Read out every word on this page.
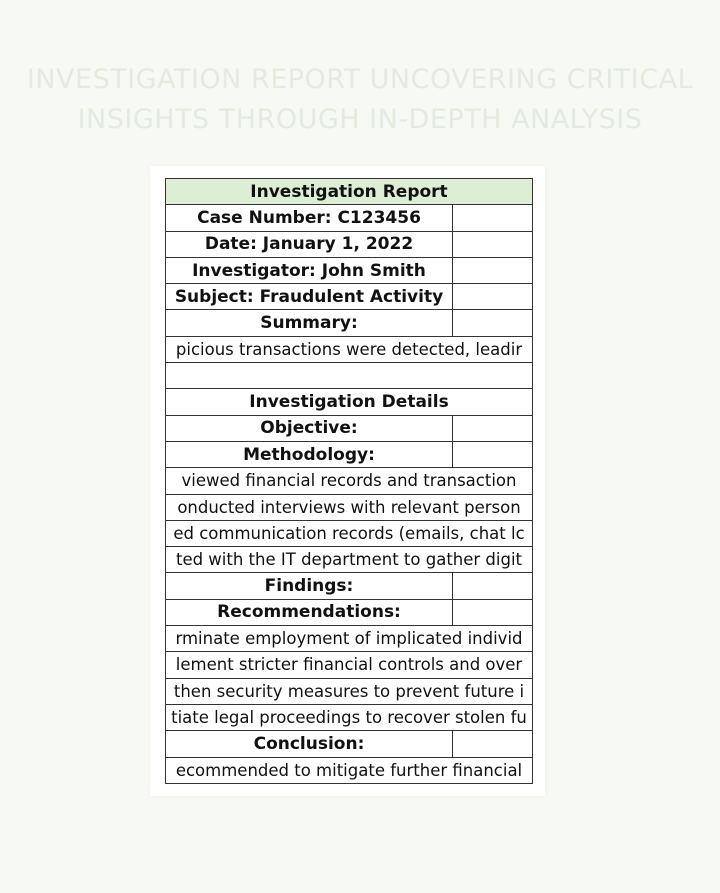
INVESTIGATION REPORT UNCOVERING CRITICAL
INSIGHTS THROUGH IN-DEPTH ANALYSIS
Investigation Report
Case Number: C123456
Date: January 1, 2022
Investigator: John Smith
Subject: Fraudulent Activity
Summary:
picious transactions were detected, leadir
Investigation Details
Objective:
Methodology:
viewed financial records and transaction
onducted interviews with relevant person
ed communication records (emails, chat lc
ted with the IT department to gather digit
Findings:
Recommendations:
rminate employment of implicated individ
lement stricter financial controls and over
then security measures to prevent future i
tiate legal proceedings to recover stolen fu
Conclusion:
ecommended to mitigate further financial
